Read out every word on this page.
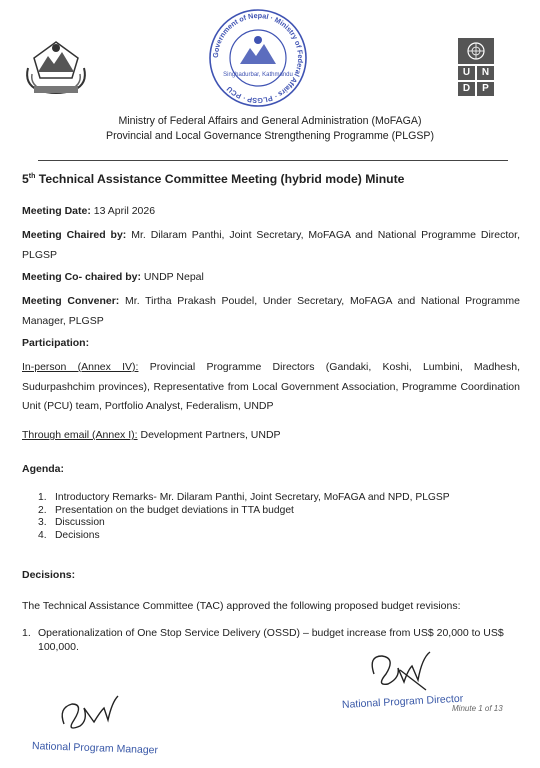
Government of Nepal · Ministry of Federal Affairs · PLGSP · PCU
Singhadurbar, Kathmandu	U	N
D	P
Ministry of Federal Affairs and General Administration (MoFAGA)
Provincial and Local Governance Strengthening Programme (PLGSP)
5th Technical Assistance Committee Meeting (hybrid mode) Minute
Meeting Date: 13 April 2026
Meeting Chaired by: Mr. Dilaram Panthi, Joint Secretary, MoFAGA and National Programme Director, PLGSP
Meeting Co- chaired by: UNDP Nepal
Meeting Convener: Mr. Tirtha Prakash Poudel, Under Secretary, MoFAGA and National Programme Manager, PLGSP
Participation:
In-person (Annex IV): Provincial Programme Directors (Gandaki, Koshi, Lumbini, Madhesh, Sudurpashchim provinces), Representative from Local Government Association, Programme Coordination Unit (PCU) team, Portfolio Analyst, Federalism, UNDP
Through email (Annex I): Development Partners, UNDP
Agenda:
1. Introductory Remarks- Mr. Dilaram Panthi, Joint Secretary, MoFAGA and NPD, PLGSP
2. Presentation on the budget deviations in TTA budget
3. Discussion
4. Decisions
Decisions:
The Technical Assistance Committee (TAC) approved the following proposed budget revisions:
1. Operationalization of One Stop Service Delivery (OSSD) – budget increase from US$ 20,000 to US$ 100,000.
National Program Director
Minute 1 of 13
National Program Manager
